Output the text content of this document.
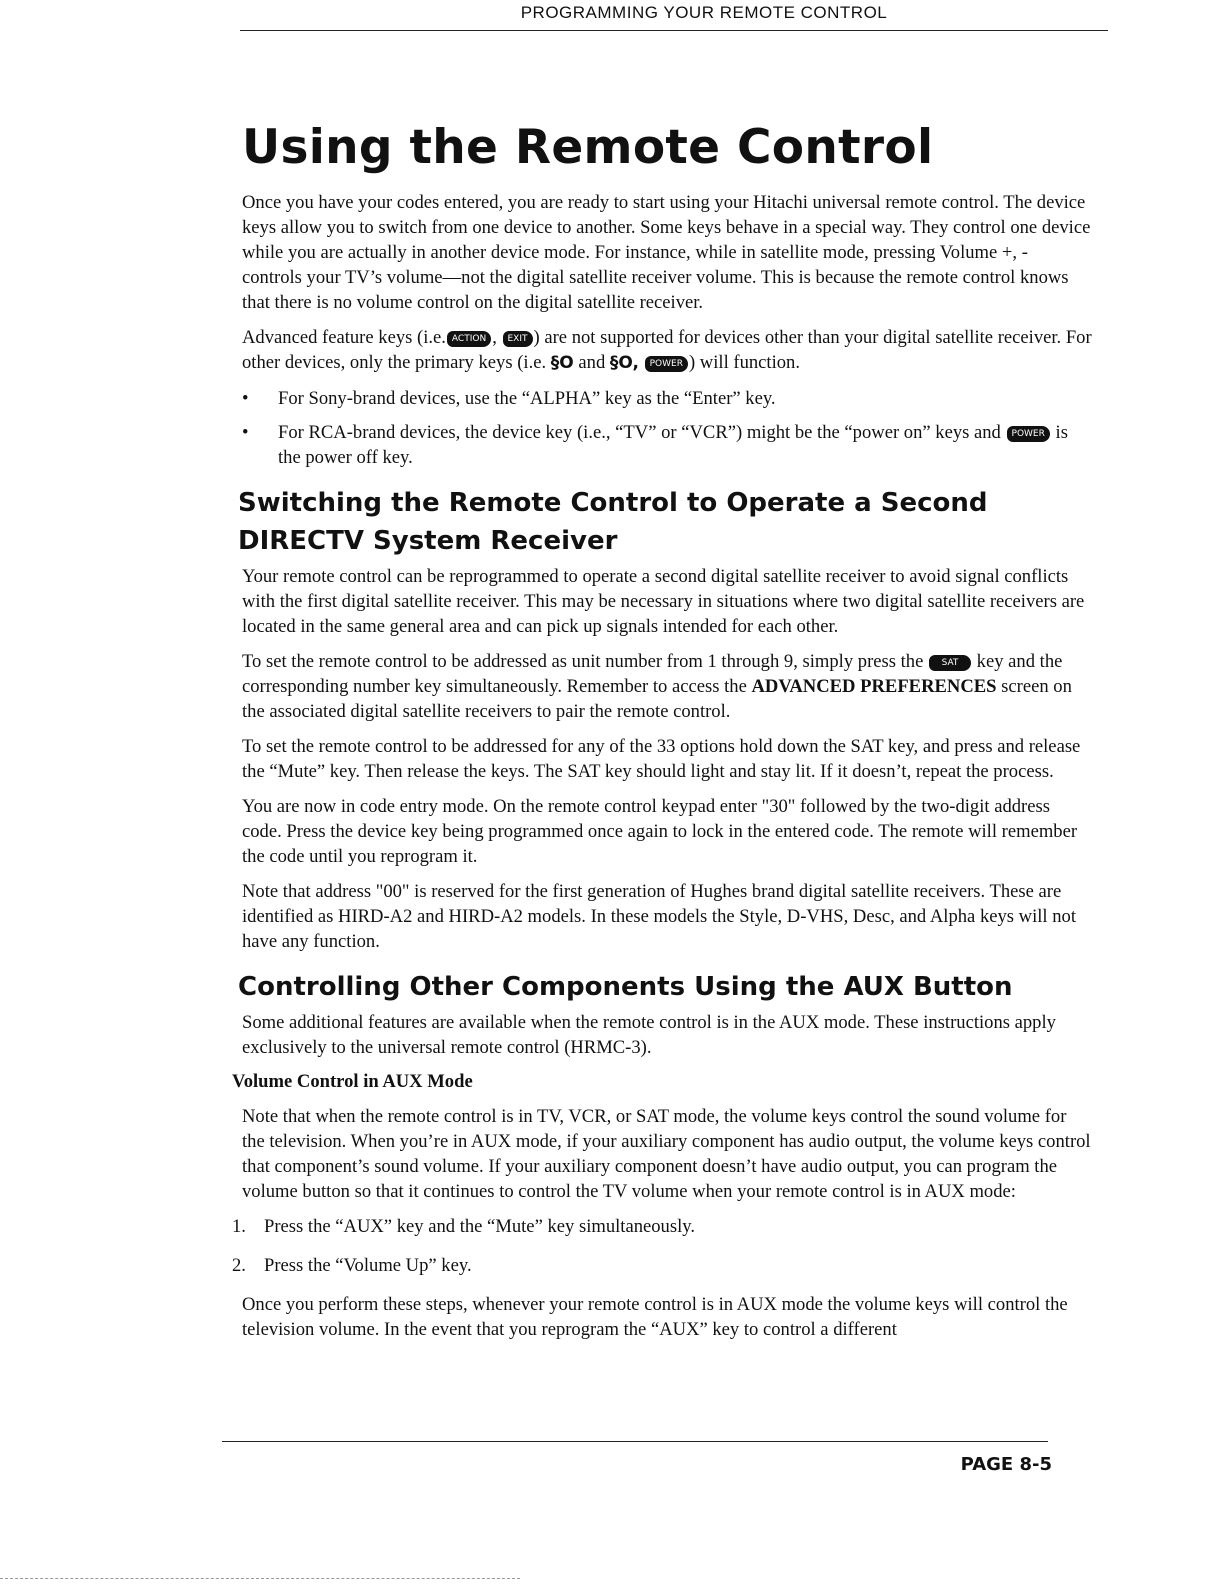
PROGRAMMING YOUR REMOTE CONTROL
Using the Remote Control

Once you have your codes entered, you are ready to start using your Hitachi universal remote control. The device keys allow you to switch from one device to another. Some keys behave in a special way. They control one device while you are actually in another device mode. For instance, while in satellite mode, pressing Volume +, - controls your TV’s volume—not the digital satellite receiver volume. This is because the remote control knows that there is no volume control on the digital satellite receiver.

Advanced feature keys (i.e. ACTION , EXIT ) are not supported for devices other than your digital satellite receiver. For other devices, only the primary keys (i.e. §O and §O, POWER ) will function.

• For Sony-brand devices, use the “ALPHA” key as the “Enter” key.
• For RCA-brand devices, the device key (i.e., “TV” or “VCR”) might be the “power on” keys and POWER is the power off key.
Switching the Remote Control to Operate a Second DIRECTV System Receiver

Your remote control can be reprogrammed to operate a second digital satellite receiver to avoid signal conflicts with the first digital satellite receiver. This may be necessary in situations where two digital satellite receivers are located in the same general area and can pick up signals intended for each other.

To set the remote control to be addressed as unit number from 1 through 9, simply press the SAT key and the corresponding number key simultaneously. Remember to access the ADVANCED PREFERENCES screen on the associated digital satellite receivers to pair the remote control.

To set the remote control to be addressed for any of the 33 options hold down the SAT key, and press and release the “Mute” key. Then release the keys. The SAT key should light and stay lit. If it doesn’t, repeat the process.

You are now in code entry mode. On the remote control keypad enter "30" followed by the two-digit address code. Press the device key being programmed once again to lock in the entered code. The remote will remember the code until you reprogram it.

Note that address "00" is reserved for the first generation of Hughes brand digital satellite receivers. These are identified as HIRD-A2 and HIRD-A2 models. In these models the Style, D-VHS, Desc, and Alpha keys will not have any function.

Controlling Other Components Using the AUX Button

Some additional features are available when the remote control is in the AUX mode. These instructions apply exclusively to the universal remote control (HRMC-3).

Volume Control in AUX Mode

Note that when the remote control is in TV, VCR, or SAT mode, the volume keys control the sound volume for the television. When you’re in AUX mode, if your auxiliary component has audio output, the volume keys control that component’s sound volume. If your auxiliary component doesn’t have audio output, you can program the volume button so that it continues to control the TV volume when your remote control is in AUX mode:

1. Press the “AUX” key and the “Mute” key simultaneously.
2. Press the “Volume Up” key.

Once you perform these steps, whenever your remote control is in AUX mode the volume keys will control the television volume. In the event that you reprogram the “AUX” key to control a different

PAGE 8-5
